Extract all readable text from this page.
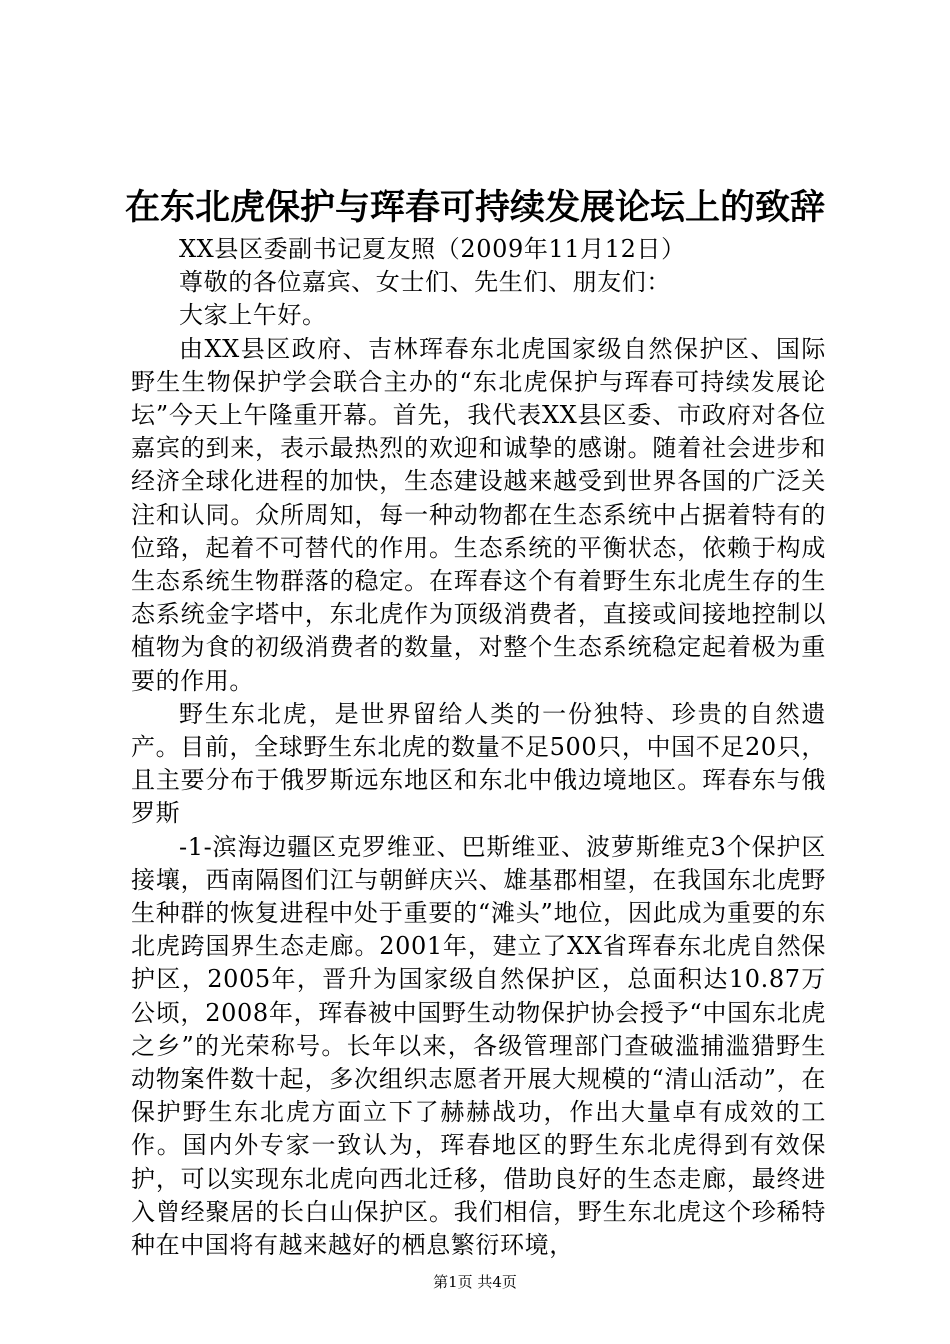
在东北虎保护与珲春可持续发展论坛上的致辞

XX县区委副书记夏友照（2009年11月12日）

尊敬的各位嘉宾、女士们、先生们、朋友们：

大家上午好。

由XX县区政府、吉林珲春东北虎国家级自然保护区、国际野生生物保护学会联合主办的“东北虎保护与珲春可持续发展论坛”今天上午隆重开幕。首先，我代表XX县区委、市政府对各位嘉宾的到来，表示最热烈的欢迎和诚挚的感谢。随着社会进步和经济全球化进程的加快，生态建设越来越受到世界各国的广泛关注和认同。众所周知，每一种动物都在生态系统中占据着特有的位臵，起着不可替代的作用。生态系统的平衡状态，依赖于构成生态系统生物群落的稳定。在珲春这个有着野生东北虎生存的生态系统金字塔中，东北虎作为顶级消费者，直接或间接地控制以植物为食的初级消费者的数量，对整个生态系统稳定起着极为重要的作用。

野生东北虎，是世界留给人类的一份独特、珍贵的自然遗产。目前，全球野生东北虎的数量不足500只，中国不足20只，且主要分布于俄罗斯远东地区和东北中俄边境地区。珲春东与俄罗斯

-1-滨海边疆区克罗维亚、巴斯维亚、波萝斯维克3个保护区接壤，西南隔图们江与朝鲜庆兴、雄基郡相望，在我国东北虎野生种群的恢复进程中处于重要的“滩头”地位，因此成为重要的东北虎跨国界生态走廊。2001年，建立了XX省珲春东北虎自然保护区，2005年，晋升为国家级自然保护区，总面积达10.87万公顷，2008年，珲春被中国野生动物保护协会授予“中国东北虎之乡”的光荣称号。长年以来，各级管理部门查破滥捕滥猎野生动物案件数十起，多次组织志愿者开展大规模的“清山活动”，在保护野生东北虎方面立下了赫赫战功，作出大量卓有成效的工作。国内外专家一致认为，珲春地区的野生东北虎得到有效保护，可以实现东北虎向西北迁移，借助良好的生态走廊，最终进入曾经聚居的长白山保护区。我们相信，野生东北虎这个珍稀特种在中国将有越来越好的栖息繁衍环境，

第1页 共4页
